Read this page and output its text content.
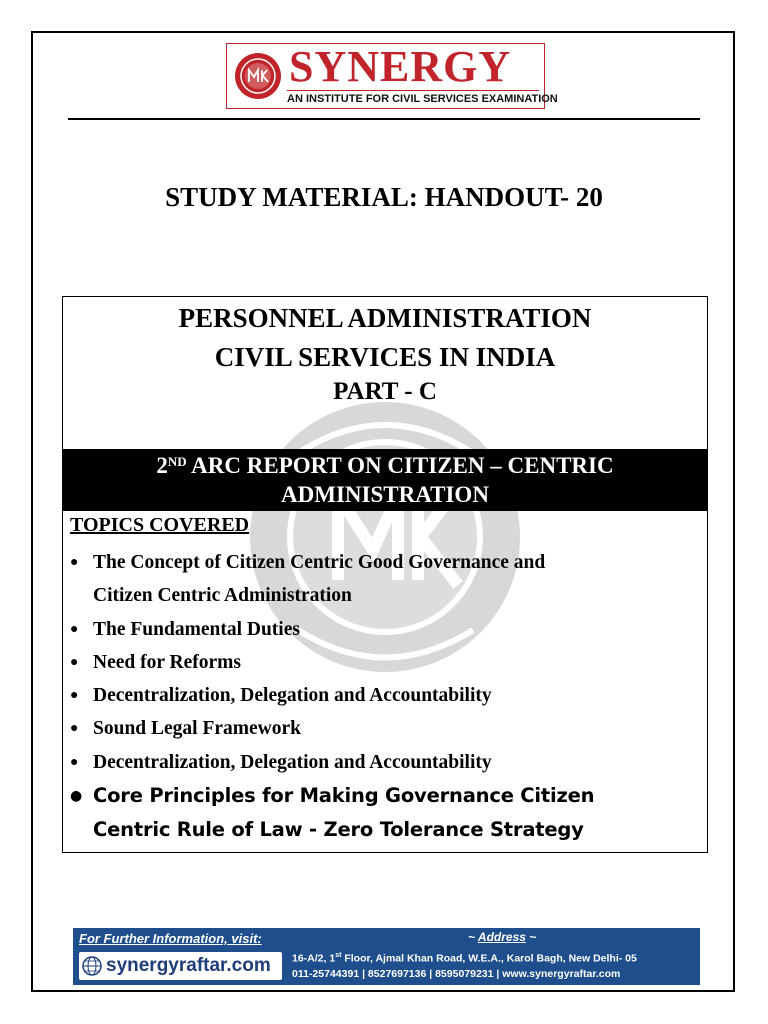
SYNERGY
AN INSTITUTE FOR CIVIL SERVICES EXAMINATION
STUDY MATERIAL: HANDOUT- 20
PERSONNEL ADMINISTRATION
CIVIL SERVICES IN INDIA
PART - C
2ND ARC REPORT ON CITIZEN – CENTRIC
ADMINISTRATION
TOPICS COVERED
● The Concept of Citizen Centric Good Governance and
Citizen Centric Administration
● The Fundamental Duties
● Need for Reforms
● Decentralization, Delegation and Accountability
● Sound Legal Framework
● Decentralization, Delegation and Accountability
● Core Principles for Making Governance Citizen
Centric Rule of Law - Zero Tolerance Strategy
For Further Information, visit:
synergyraftar.com
~ Address ~
16-A/2, 1st Floor, Ajmal Khan Road, W.E.A., Karol Bagh, New Delhi- 05
011-25744391 | 8527697136 | 8595079231 | www.synergyraftar.com
